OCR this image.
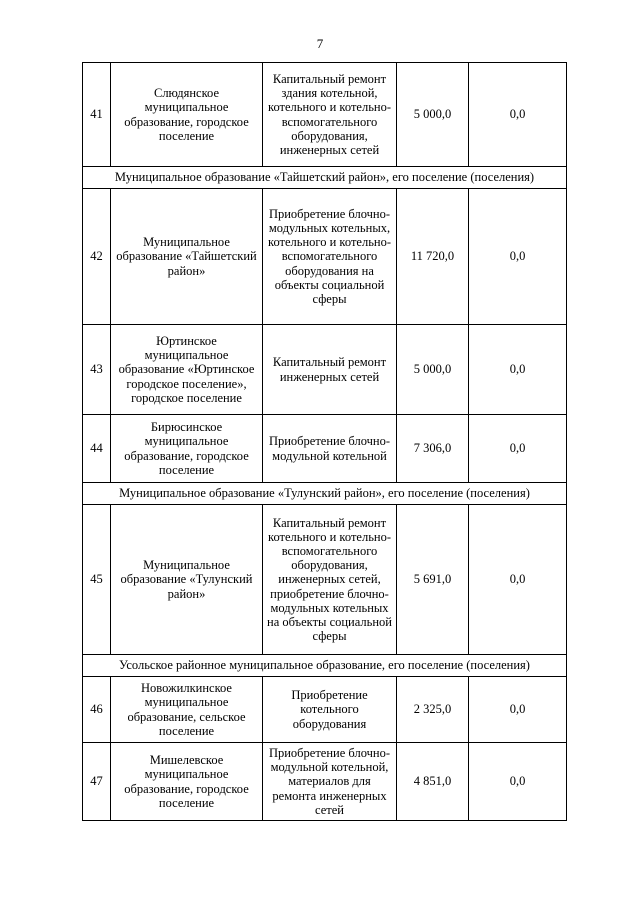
7
41	Слюдянское муниципальное образование, городское поселение	Капитальный ремонт здания котельной, котельного и котельно-вспомогательного оборудования, инженерных сетей	5 000,0	0,0
Муниципальное образование «Тайшетский район», его поселение (поселения)				
42	Муниципальное образование «Тайшетский район»	Приобретение блочно-модульных котельных, котельного и котельно-вспомогательного оборудования на объекты социальной сферы	11 720,0	0,0
43	Юртинское муниципальное образование «Юртинское городское поселение», городское поселение	Капитальный ремонт инженерных сетей	5 000,0	0,0
44	Бирюсинское муниципальное образование, городское поселение	Приобретение блочно-модульной котельной	7 306,0	0,0
Муниципальное образование «Тулунский район», его поселение (поселения)				
45	Муниципальное образование «Тулунский район»	Капитальный ремонт котельного и котельно-вспомогательного оборудования, инженерных сетей, приобретение блочно-модульных котельных на объекты социальной сферы	5 691,0	0,0
Усольское районное муниципальное образование, его поселение (поселения)				
46	Новожилкинское муниципальное образование, сельское поселение	Приобретение котельного оборудования	2 325,0	0,0
47	Мишелевское муниципальное образование, городское поселение	Приобретение блочно-модульной котельной, материалов для ремонта инженерных сетей	4 851,0	0,0
